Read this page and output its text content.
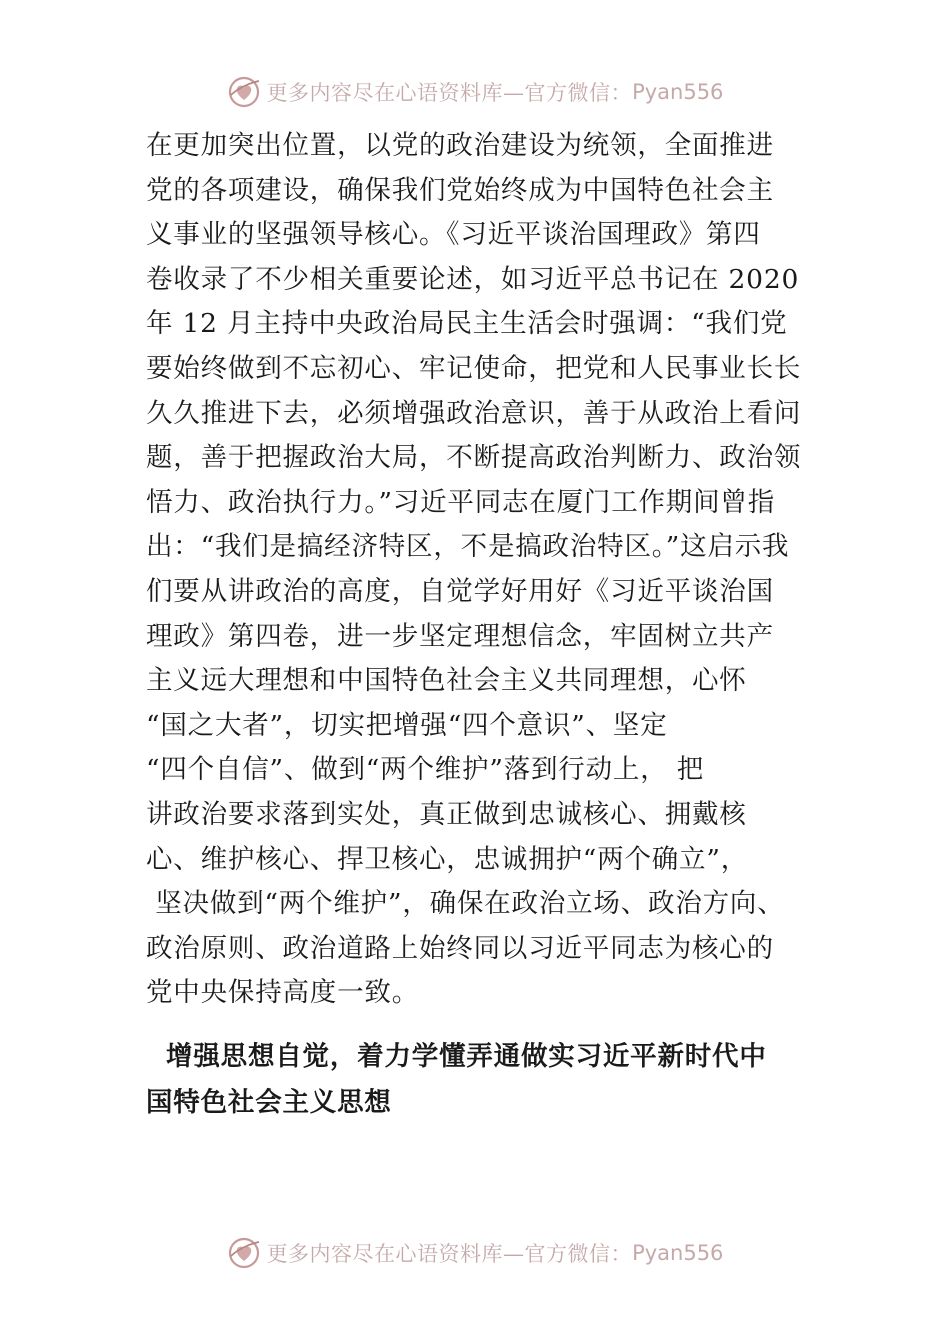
更多内容尽在心语资料库—官方微信： Pyan556
在更加突出位置，以党的政治建设为统领，全面推进
党的各项建设，确保我们党始终成为中国特色社会主
义事业的坚强领导核心。《习近平谈治国理政》第四
卷收录了不少相关重要论述，如习近平总书记在 2020
年 12 月主持中央政治局民主生活会时强调：“我们党
要始终做到不忘初心、牢记使命，把党和人民事业长长
久久推进下去，必须增强政治意识，善于从政治上看问
题，善于把握政治大局，不断提高政治判断力、政治领
悟力、政治执行力。”习近平同志在厦门工作期间曾指
出：“我们是搞经济特区，不是搞政治特区。”这启示我
们要从讲政治的高度，自觉学好用好《习近平谈治国
理政》第四卷，进一步坚定理想信念，牢固树立共产
主义远大理想和中国特色社会主义共同理想，心怀
“国之大者”，切实把增强“四个意识”、坚定
“四个自信”、做到“两个维护”落到行动上， 把
讲政治要求落到实处，真正做到忠诚核心、拥戴核
心、维护核心、捍卫核心，忠诚拥护“两个确立”，
坚决做到“两个维护”，确保在政治立场、政治方向、
政治原则、政治道路上始终同以习近平同志为核心的
党中央保持高度一致。
增强思想自觉，着力学懂弄通做实习近平新时代中
国特色社会主义思想
更多内容尽在心语资料库—官方微信： Pyan556
